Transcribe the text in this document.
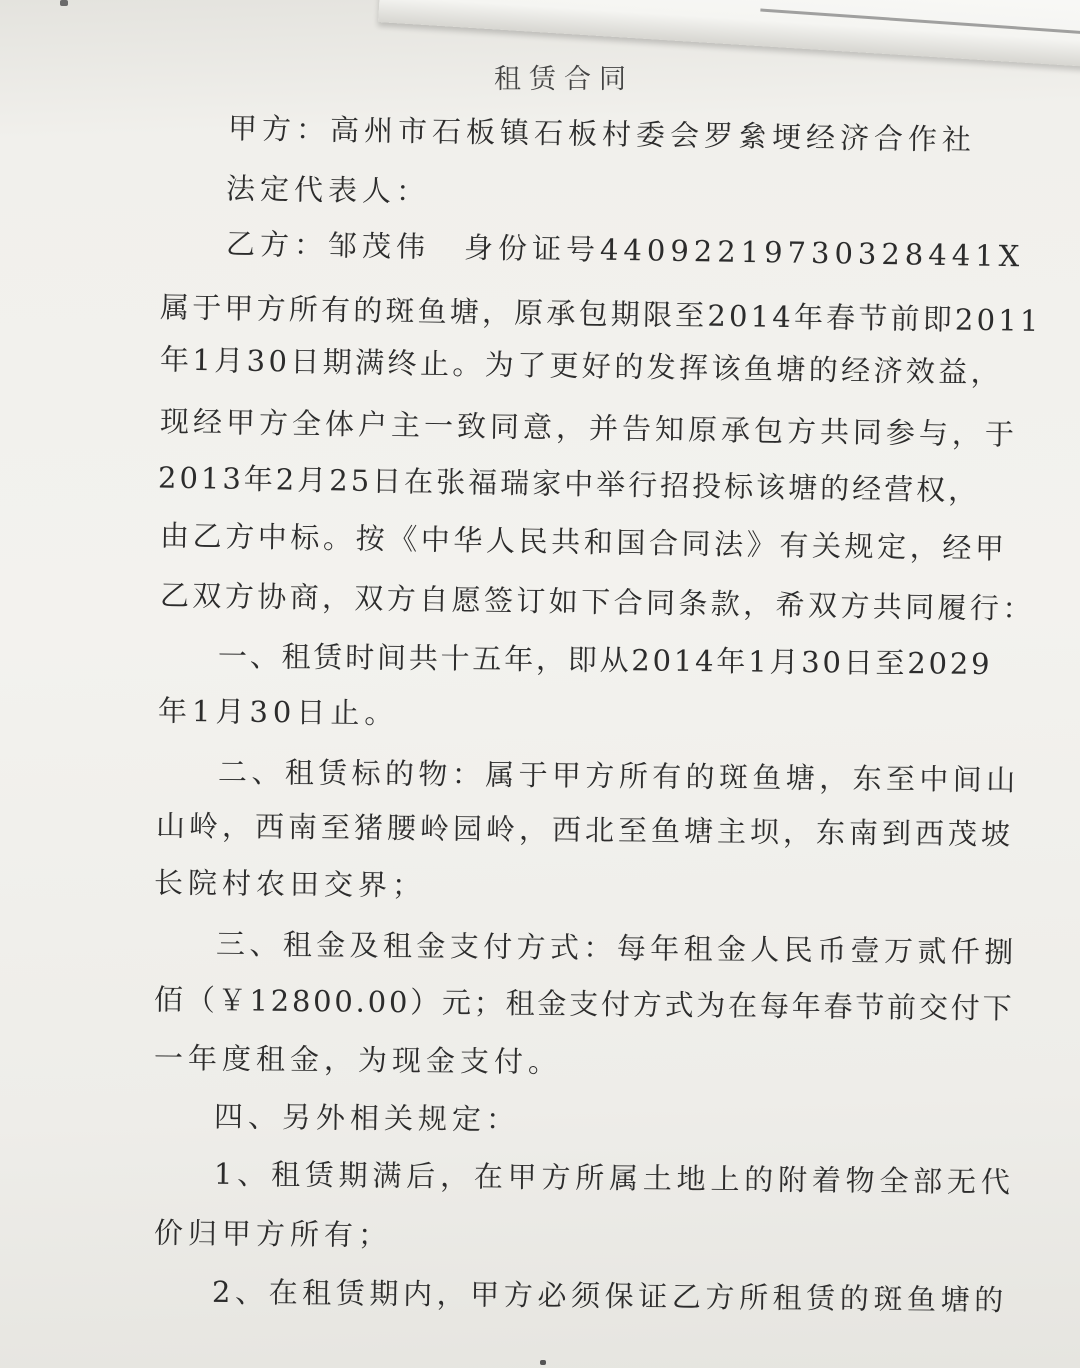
租赁合同
甲方：高州市石板镇石板村委会罗絫埂经济合作社
法定代表人：
乙方：邹茂伟　身份证号44092219730328441X
属于甲方所有的斑鱼塘，原承包期限至2014年春节前即2011
年1月30日期满终止。为了更好的发挥该鱼塘的经济效益，
现经甲方全体户主一致同意，并告知原承包方共同参与，于
2013年2月25日在张福瑞家中举行招投标该塘的经营权，
由乙方中标。按《中华人民共和国合同法》有关规定，经甲
乙双方协商，双方自愿签订如下合同条款，希双方共同履行：
一、租赁时间共十五年，即从2014年1月30日至2029
年1月30日止。
二、租赁标的物：属于甲方所有的斑鱼塘，东至中间山
山岭，西南至猪腰岭园岭，西北至鱼塘主坝，东南到西茂坡
长院村农田交界；
三、租金及租金支付方式：每年租金人民币壹万贰仟捌
佰（￥12800.00）元；租金支付方式为在每年春节前交付下
一年度租金，为现金支付。
四、另外相关规定：
1、租赁期满后，在甲方所属土地上的附着物全部无代
价归甲方所有；
2、在租赁期内，甲方必须保证乙方所租赁的斑鱼塘的
